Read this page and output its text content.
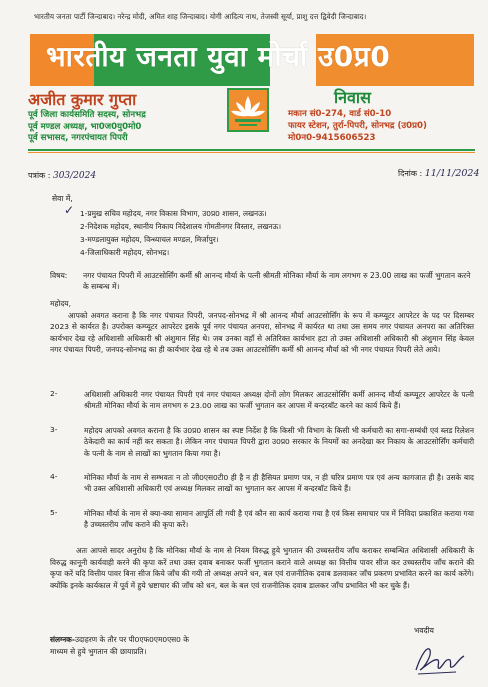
भारतीय जनता पार्टी जिन्दाबाद। नरेन्द्र मोदी, अमित शाह जिन्दाबाद। योगी आदित्य नाथ, तेजस्वी सूर्या, प्राशु दत्त द्विवेदी जिन्दाबाद।
भारतीय जनता युवा मोर्चा उ0प्र0
अजीत कुमार गुप्ता
पूर्व जिला कार्यसमिति सदस्य, सोनभद्र
पूर्व मण्डल अध्यक्ष, भा0ज0यु0मो0
पूर्व सभासद, नगरपंचायत पिपरी
निवास
मकान सं0-274, वार्ड सं0-10
फायर स्टेशन, तुर्रा-पिपरी, सोनभद्र (उ0प्र0)
मो0न0-9415606523
पत्रांक : 303/2024	दिनांक : 11/11/2024
सेवा में,
✓ 1-प्रमुख सचिव महोदय, नगर विकास विभाग, उ0प्र0 शासन, लखनऊ।
2-निदेशक महोदय, स्थानीय निकाय निदेशालय गोमतीनगर विस्तार, लखनऊ।
3-मण्डलायुक्त महोदय, विन्ध्याचल मण्डल, मिर्जापुर।
4-जिलाधिकारी महोदय, सोनभद्र।
विषय: नगर पंचायत पिपरी में आउटसोर्सिंग कर्मी श्री आनन्द मौर्या के पत्नी श्रीमती मोनिका मौर्या के नाम लगभग रु 23.00 लाख का फर्जी भुगतान करने के सम्बन्ध में।
महोदय,
आपको अवगत कराना है कि नगर पंचायत पिपरी, जनपद-सोनभद्र में श्री आनन्द मौर्या आउटसोर्सिंग के रूप में कम्प्यूटर आपरेटर के पद पर दिसम्बर 2023 से कार्यरत है। उपरोक्त कम्प्यूटर आपरेटर इसके पूर्व नगर पंचायत अनपरा, सोनभद्र में कार्यरत था तथा उस समय नगर पंचायत अनपरा का अतिरिक्त कार्यभार देख रहे अधिशासी अधिकारी श्री अंशुमान सिंह थे। जब उनका वहाँ से अतिरिक्त कार्यभार हटा तो उक्त अधिशासी अधिकारी श्री अंशुमान सिंह केवल नगर पंचायत पिपरी, जनपद-सोनभद्र का ही कार्यभार देख रहे थे तब उक्त आउटसोर्सिंग कर्मी श्री आनन्द मौर्या को भी नगर पंचायत पिपरी लेते आये।
2-	अधिशासी अधिकारी नगर पंचायत पिपरी एवं नगर पंचायत अध्यक्ष दोनों लोग मिलकर आउटसोर्सिंग कर्मी आनन्द मौर्या कम्प्यूटर आपरेटर के पत्नी श्रीमती मोनिका मौर्या के नाम लगभग रु 23.00 लाख का फर्जी भुगतान कर आपस में बन्दरबॉट करने का कार्य किये हैं।
3-	महोदय आपको अवगत कराना है कि उ0प्र0 शासन का स्पष्ट निर्देश है कि किसी भी विभाग के किसी भी कर्मचारी का सगा-सम्बंधी एवं ब्लड रिलेशन ठेकेदारी का कार्य नहीं कर सकता है। लेकिन नगर पंचायत पिपरी द्वारा उ0प्र0 सरकार के नियमों का अनदेखा कर निकाय के आउटसोर्सिंग कर्मचारी के पत्नी के नाम से लाखों का भुगतान किया गया है।
4-	मोनिका मौर्या के नाम से सम्भवतः न तो जी0एस0टी0 ही है न ही हैसियत प्रमाण पत्र, न ही चरित्र प्रमाण पत्र एवं अन्य कागजात ही है। उसके बाद भी उक्त अधिशासी अधिकारी एवं अध्यक्ष मिलकर लाखों का भुगतान कर आपस में बन्दरबॉट किये हैं।
5-	मोनिका मौर्या के नाम से क्या-क्या सामान आपूर्ति ली गयी है एवं कौन सा कार्य कराया गया है एवं किस समाचार पत्र में निविदा प्रकाशित कराया गया है उच्चस्तरीय जाँच कराने की कृपा करें।
अतः आपसे सादर अनुरोध है कि मोनिका मौर्या के नाम से नियम विरुद्ध हुये भुगतान की उच्चस्तरीय जाँच कराकर सम्बन्धित अधिशासी अधिकारी के विरुद्ध कानूनी कार्यवाही करने की कृपा करें तथा उक्त दवाब बनाकर फर्जी भुगतान कराने वाले अध्यक्ष का वित्तीय पावर सीज कर उच्चस्तरीय जाँच कराने की कृपा करें यदि वित्तीय पावर बिना सीज किये जाँच की गयी तो अध्यक्ष अपने धन, बल एवं राजनीतिक दवाब डलवाकर जाँच प्रकरण प्रभावित करने का कार्य करेंगे। क्योंकि इनके कार्यकाल में पूर्व में हुये भ्रष्टाचार की जाँच को धन, बल के बल एवं राजनीतिक दवाब डालकर जाँच प्रभावित भी कर चुके हैं।
संलग्नक-उदाहरण के तौर पर पी0एफ0एम0एस0 के
माध्यम से हुये भुगतान की छायाप्रति।
भवदीय
